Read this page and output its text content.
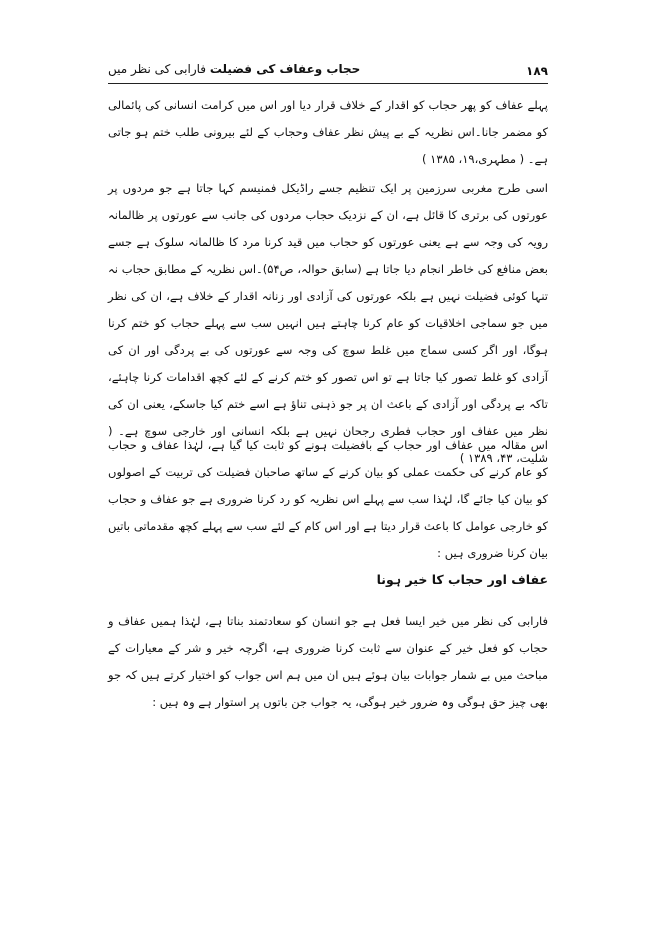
۱۸۹
حجاب وعفاف کی فضیلت فارابی کی نظر میں

پہلے عفاف کو پھر حجاب کو اقدار کے خلاف قرار دیا اور اس میں کرامت انسانی کی پائمالی کو مضمر جانا۔اس نظریہ کے بے پیش نظر عفاف وحجاب کے لئے بیرونی طلب ختم ہو جاتی ہے۔ ( مطہری،۱۹، ۱۳۸۵ )

اسی طرح مغربی سرزمین پر ایک تنظیم جسے راڈیکل فمنیسم کہا جاتا ہے جو مردوں پر عورتوں کی برتری کا قائل ہے، ان کے نزدیک حجاب مردوں کی جانب سے عورتوں پر ظالمانہ رویہ کی وجہ سے ہے یعنی عورتوں کو حجاب میں قید کرنا مرد کا ظالمانہ سلوک ہے جسے بعض منافع کی خاطر انجام دیا جاتا ہے (سابق حوالہ، ص۵۴)۔اس نظریہ کے مطابق حجاب نہ تنہا کوئی فضیلت نہیں ہے بلکہ عورتوں کی آزادی اور زنانہ اقدار کے خلاف ہے، ان کی نظر میں جو سماجی اخلاقیات کو عام کرنا چاہتے ہیں انہیں سب سے پہلے حجاب کو ختم کرنا ہوگا، اور اگر کسی سماج میں غلط سوچ کی وجہ سے عورتوں کی بے پردگی اور ان کی آزادی کو غلط تصور کیا جاتا ہے تو اس تصور کو ختم کرنے کے لئے کچھ اقدامات کرنا چاہئے، تاکہ بے پردگی اور آزادی کے باعث ان پر جو ذہنی تناؤ ہے اسے ختم کیا جاسکے، یعنی ان کی نظر میں عفاف اور حجاب فطری رجحان نہیں ہے بلکہ انسانی اور خارجی سوچ ہے۔ ( شلیت، ۴۳، ۱۳۸۹ )

اس مقالہ میں عفاف اور حجاب کے بافضیلت ہونے کو ثابت کیا گیا ہے، لہٰذا عفاف و حجاب کو عام کرنے کی حکمت عملی کو بیان کرنے کے ساتھ صاحبان فضیلت کی تربیت کے اصولوں کو بیان کیا جائے گا، لہٰذا سب سے پہلے اس نظریہ کو رد کرنا ضروری ہے جو عفاف و حجاب کو خارجی عوامل کا باعث قرار دیتا ہے اور اس کام کے لئے سب سے پہلے کچھ مقدماتی باتیں بیان کرنا ضروری ہیں :

عفاف اور حجاب کا خیر ہونا

فارابی کی نظر میں خیر ایسا فعل ہے جو انسان کو سعادتمند بناتا ہے، لہٰذا ہمیں عفاف و حجاب کو فعل خیر کے عنوان سے ثابت کرنا ضروری ہے، اگرچہ خیر و شر کے معیارات کے مباحث میں بے شمار جوابات بیان ہوئے ہیں ان میں ہم اس جواب کو اختیار کرتے ہیں کہ جو بھی چیز حق ہوگی وہ ضرور خیر ہوگی، یہ جواب جن باتوں پر استوار ہے وہ ہیں :
